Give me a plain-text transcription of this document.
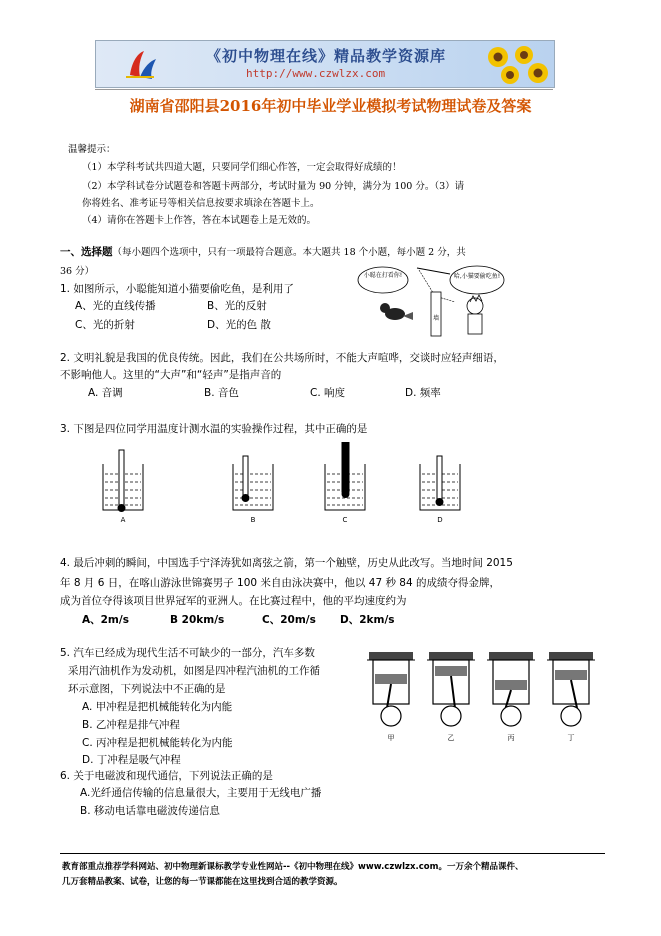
《初中物理在线》精品教学资源库
http://www.czwlzx.com
湖南省邵阳县2016年初中毕业学业模拟考试物理试卷及答案
温馨提示：
（1）本学科考试共四道大题，只要同学们细心作答，一定会取得好成绩的！
（2）本学科试卷分试题卷和答题卡两部分，考试时量为 90 分钟，满分为 100 分。（3）请
你将姓名、准考证号等相关信息按要求填涂在答题卡上。
（4）请你在答题卡上作答，答在本试题卷上是无效的。
一、选择题（每小题四个选项中，只有一项最符合题意。本大题共 18 个小题，每小题 2 分，共
36 分）
1. 如图所示，小聪能知道小猫要偷吃鱼，是利用了
A、光的直线传播	B、光的反射
C、光的折射	D、光的色 散
小聪在打看你!	哈,小猫要偷吃鱼!
墙
2. 文明礼貌是我国的优良传统。因此，我们在公共场所时，不能大声喧哗，交谈时应轻声细语，
不影响他人。这里的“大声”和“轻声”是指声音的
A. 音调	B. 音色	C. 响度	D. 频率
3. 下图是四位同学用温度计测水温的实验操作过程，其中正确的是
A	B	C	D
4. 最后冲刺的瞬间，中国选手宁泽涛犹如离弦之箭，第一个触壁，历史从此改写。当地时间 2015
年 8 月 6 日，在喀山游泳世锦赛男子 100 米自由泳决赛中，他以 47 秒 84 的成绩夺得金牌，
成为首位夺得该项目世界冠军的亚洲人。在比赛过程中，他的平均速度约为
A、2m/s	B 20km/s	C、20m/s D、2km/s
5. 汽车已经成为现代生活不可缺少的一部分，汽车多数
采用汽油机作为发动机，如图是四冲程汽油机的工作循
环示意图，下列说法中不正确的是
A. 甲冲程是把机械能转化为内能
B. 乙冲程是排气冲程
C. 丙冲程是把机械能转化为内能
D. 丁冲程是吸气冲程
甲	乙	丙	丁
6. 关于电磁波和现代通信，下列说法正确的是
A.光纤通信传输的信息量很大，主要用于无线电广播
B. 移动电话靠电磁波传递信息
教育部重点推荐学科网站、初中物理新课标教学专业性网站--《初中物理在线》www.czwlzx.com。一万余个精品课件、
几万套精品教案、试卷，让您的每一节课都能在这里找到合适的教学资源。
